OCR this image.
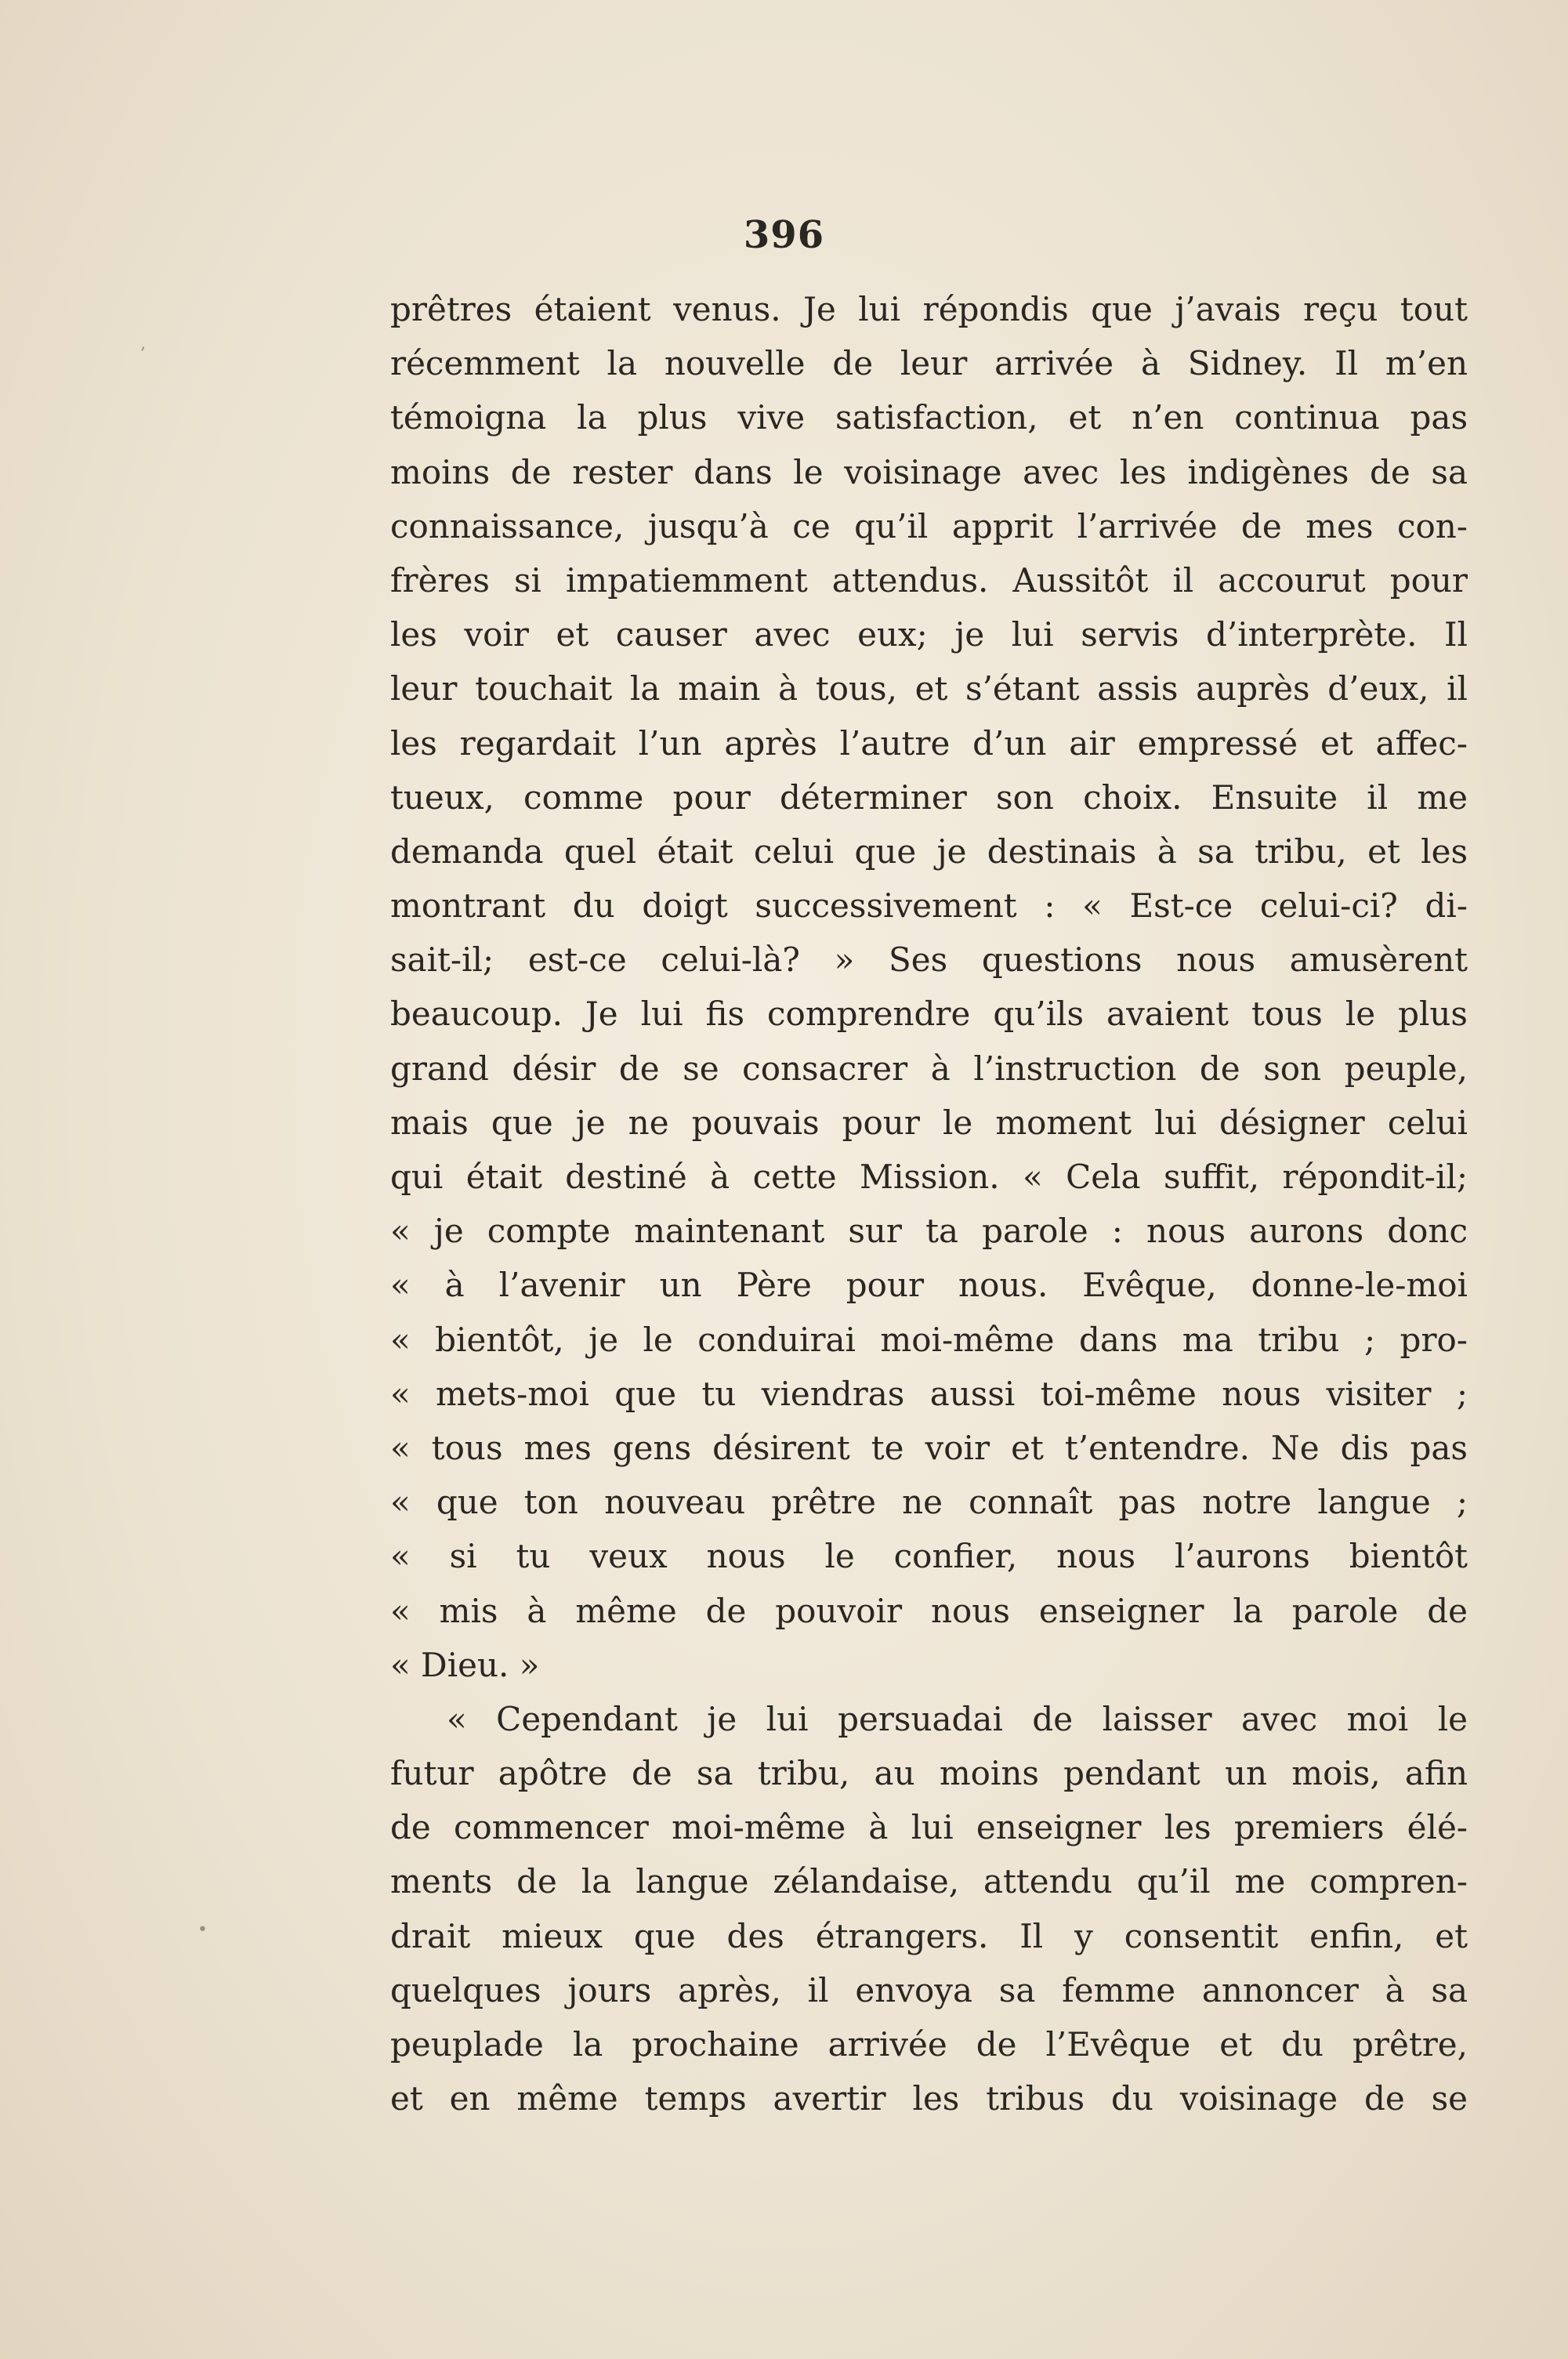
ʼ
•
396
prêtres étaient venus. Je lui répondis que j’avais reçu tout
récemment la nouvelle de leur arrivée à Sidney. Il m’en
témoigna la plus vive satisfaction, et n’en continua pas
moins de rester dans le voisinage avec les indigènes de sa
connaissance, jusqu’à ce qu’il apprit l’arrivée de mes con-
frères si impatiemment attendus. Aussitôt il accourut pour
les voir et causer avec eux; je lui servis d’interprète. Il
leur touchait la main à tous, et s’étant assis auprès d’eux, il
les regardait l’un après l’autre d’un air empressé et affec-
tueux, comme pour déterminer son choix. Ensuite il me
demanda quel était celui que je destinais à sa tribu, et les
montrant du doigt successivement : « Est-ce celui-ci? di-
sait-il; est-ce celui-là? » Ses questions nous amusèrent
beaucoup. Je lui fis comprendre qu’ils avaient tous le plus
grand désir de se consacrer à l’instruction de son peuple,
mais que je ne pouvais pour le moment lui désigner celui
qui était destiné à cette Mission. « Cela suffit, répondit-il;
« je compte maintenant sur ta parole : nous aurons donc
« à l’avenir un Père pour nous. Evêque, donne-le-moi
« bientôt, je le conduirai moi-même dans ma tribu ; pro-
« mets-moi que tu viendras aussi toi-même nous visiter ;
« tous mes gens désirent te voir et t’entendre. Ne dis pas
« que ton nouveau prêtre ne connaît pas notre langue ;
« si tu veux nous le confier, nous l’aurons bientôt
« mis à même de pouvoir nous enseigner la parole de
« Dieu. »
« Cependant je lui persuadai de laisser avec moi le
futur apôtre de sa tribu, au moins pendant un mois, afin
de commencer moi-même à lui enseigner les premiers élé-
ments de la langue zélandaise, attendu qu’il me compren-
drait mieux que des étrangers. Il y consentit enfin, et
quelques jours après, il envoya sa femme annoncer à sa
peuplade la prochaine arrivée de l’Evêque et du prêtre,
et en même temps avertir les tribus du voisinage de se
